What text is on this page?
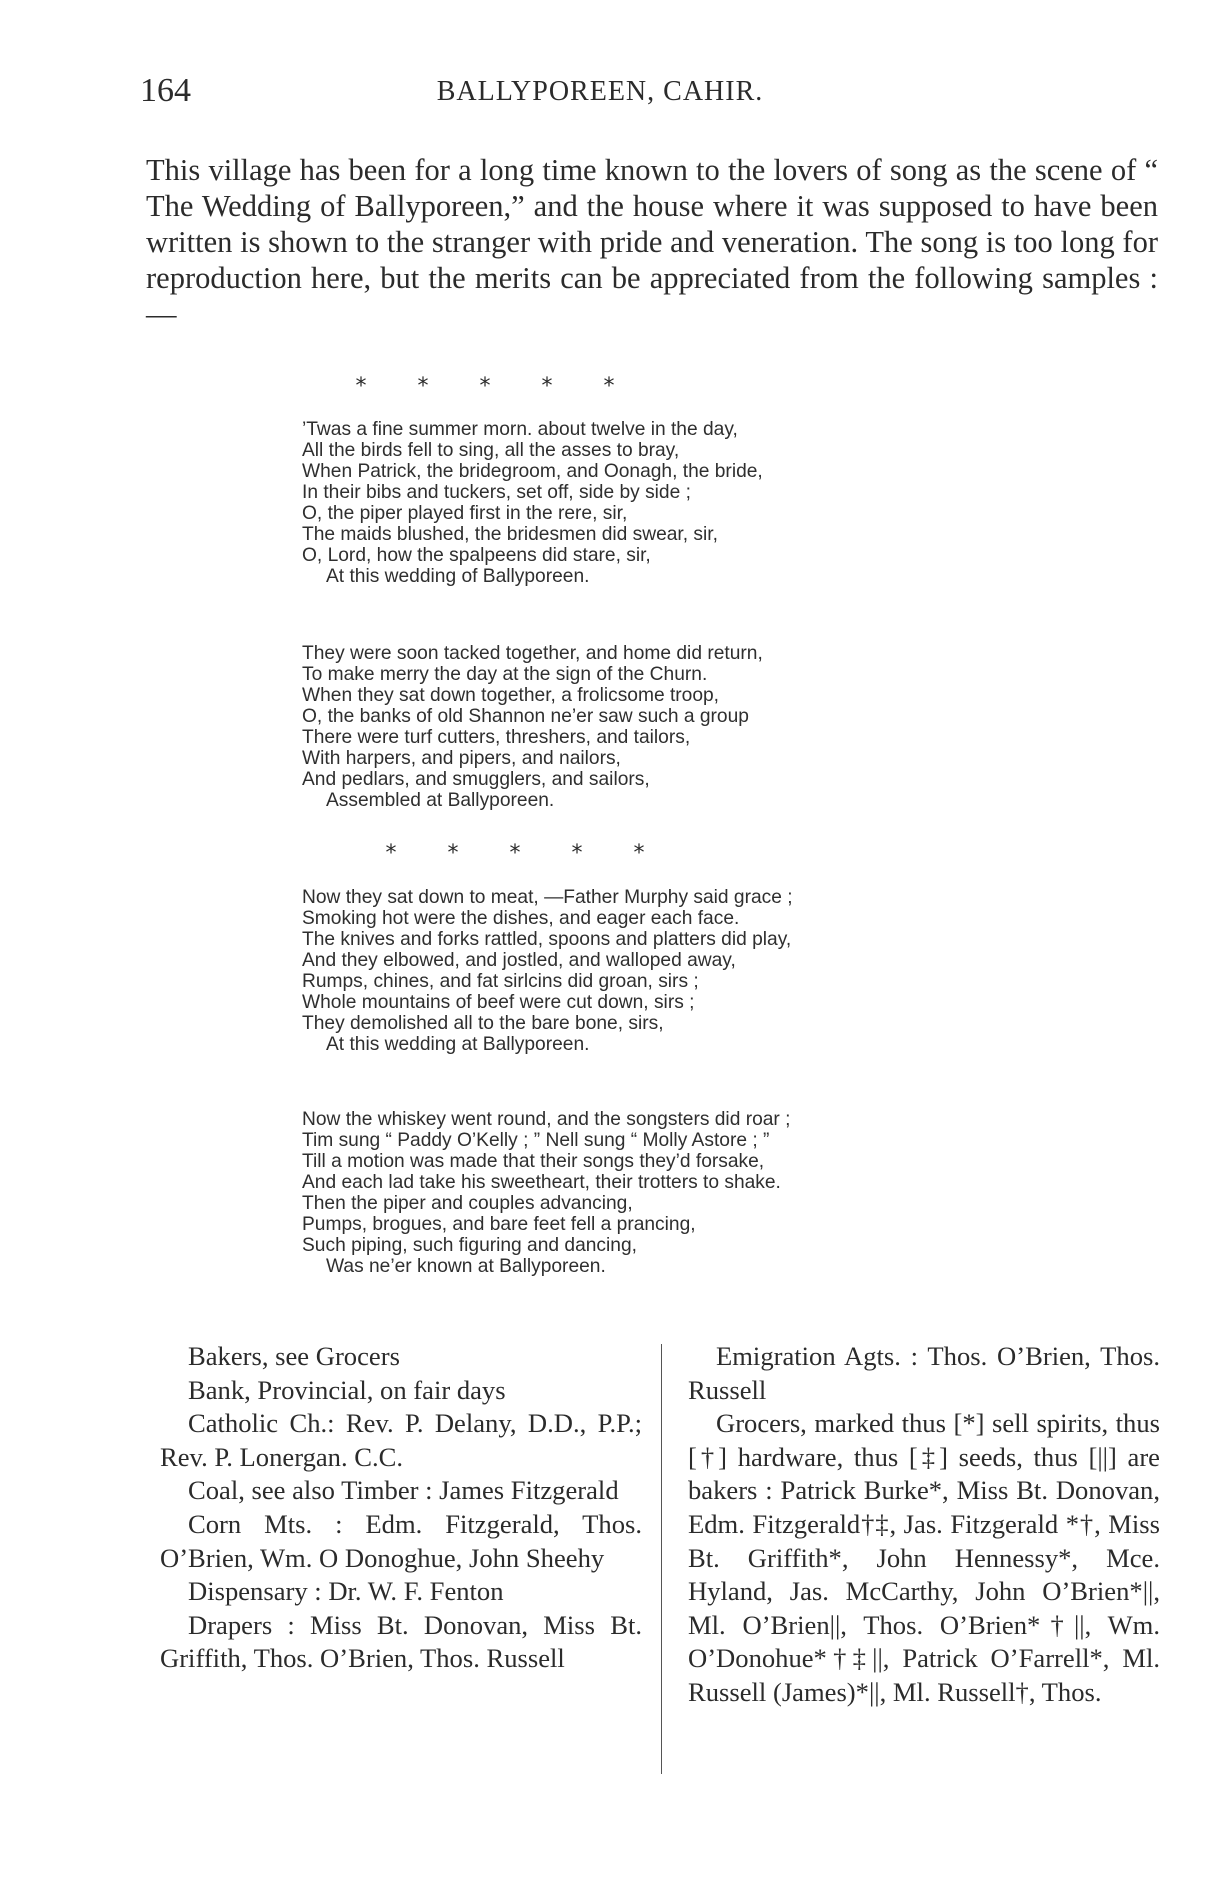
164	BALLYPOREEN, CAHIR.

This village has been for a long time known to the lovers of song as the scene of “ The Wedding of Ballyporeen,” and the house where it was supposed to have been written is shown to the stranger with pride and veneration. The song is too long for reproduction here, but the merits can be appreciated from the following samples :—

* * * * *
’Twas a fine summer morn. about twelve in the day,
All the birds fell to sing, all the asses to bray,
When Patrick, the bridegroom, and Oonagh, the bride,
In their bibs and tuckers, set off, side by side ;
O, the piper played first in the rere, sir,
The maids blushed, the bridesmen did swear, sir,
O, Lord, how the spalpeens did stare, sir,
At this wedding of Ballyporeen.
They were soon tacked together, and home did return,
To make merry the day at the sign of the Churn.
When they sat down together, a frolicsome troop,
O, the banks of old Shannon ne’er saw such a group
There were turf cutters, threshers, and tailors,
With harpers, and pipers, and nailors,
And pedlars, and smugglers, and sailors,
Assembled at Ballyporeen.
* * * * *
Now they sat down to meat, —Father Murphy said grace ;
Smoking hot were the dishes, and eager each face.
The knives and forks rattled, spoons and platters did play,
And they elbowed, and jostled, and walloped away,
Rumps, chines, and fat sirlcins did groan, sirs ;
Whole mountains of beef were cut down, sirs ;
They demolished all to the bare bone, sirs,
At this wedding at Ballyporeen.
Now the whiskey went round, and the songsters did roar ;
Tim sung “ Paddy O’Kelly ; ” Nell sung “ Molly Astore ; ”
Till a motion was made that their songs they’d forsake,
And each lad take his sweetheart, their trotters to shake.
Then the piper and couples advancing,
Pumps, brogues, and bare feet fell a prancing,
Such piping, such figuring and dancing,
Was ne’er known at Ballyporeen.

Bakers, see Grocers

Bank, Provincial, on fair days

Catholic Ch.: Rev. P. Delany, D.D., P.P.; Rev. P. Lonergan. C.C.

Coal, see also Timber : James Fitzgerald

Corn Mts. : Edm. Fitzgerald, Thos. O’Brien, Wm. O Donoghue, John Sheehy

Dispensary : Dr. W. F. Fenton

Drapers : Miss Bt. Donovan, Miss Bt. Griffith, Thos. O’Brien, Thos. Russell

Emigration Agts. : Thos. O’Brien, Thos. Russell

Grocers, marked thus [*] sell spirits, thus [†] hardware, thus [‡] seeds, thus [||] are bakers : Patrick Burke*, Miss Bt. Donovan, Edm. Fitzgerald†‡, Jas. Fitzgerald *†, Miss Bt. Griffith*, John Hennessy*, Mce. Hyland, Jas. McCarthy, John O’Brien*||, Ml. O’Brien||, Thos. O’Brien*†||, Wm. O’Donohue*†‡||, Patrick O’Farrell*, Ml. Russell (James)*||, Ml. Russell†, Thos.
